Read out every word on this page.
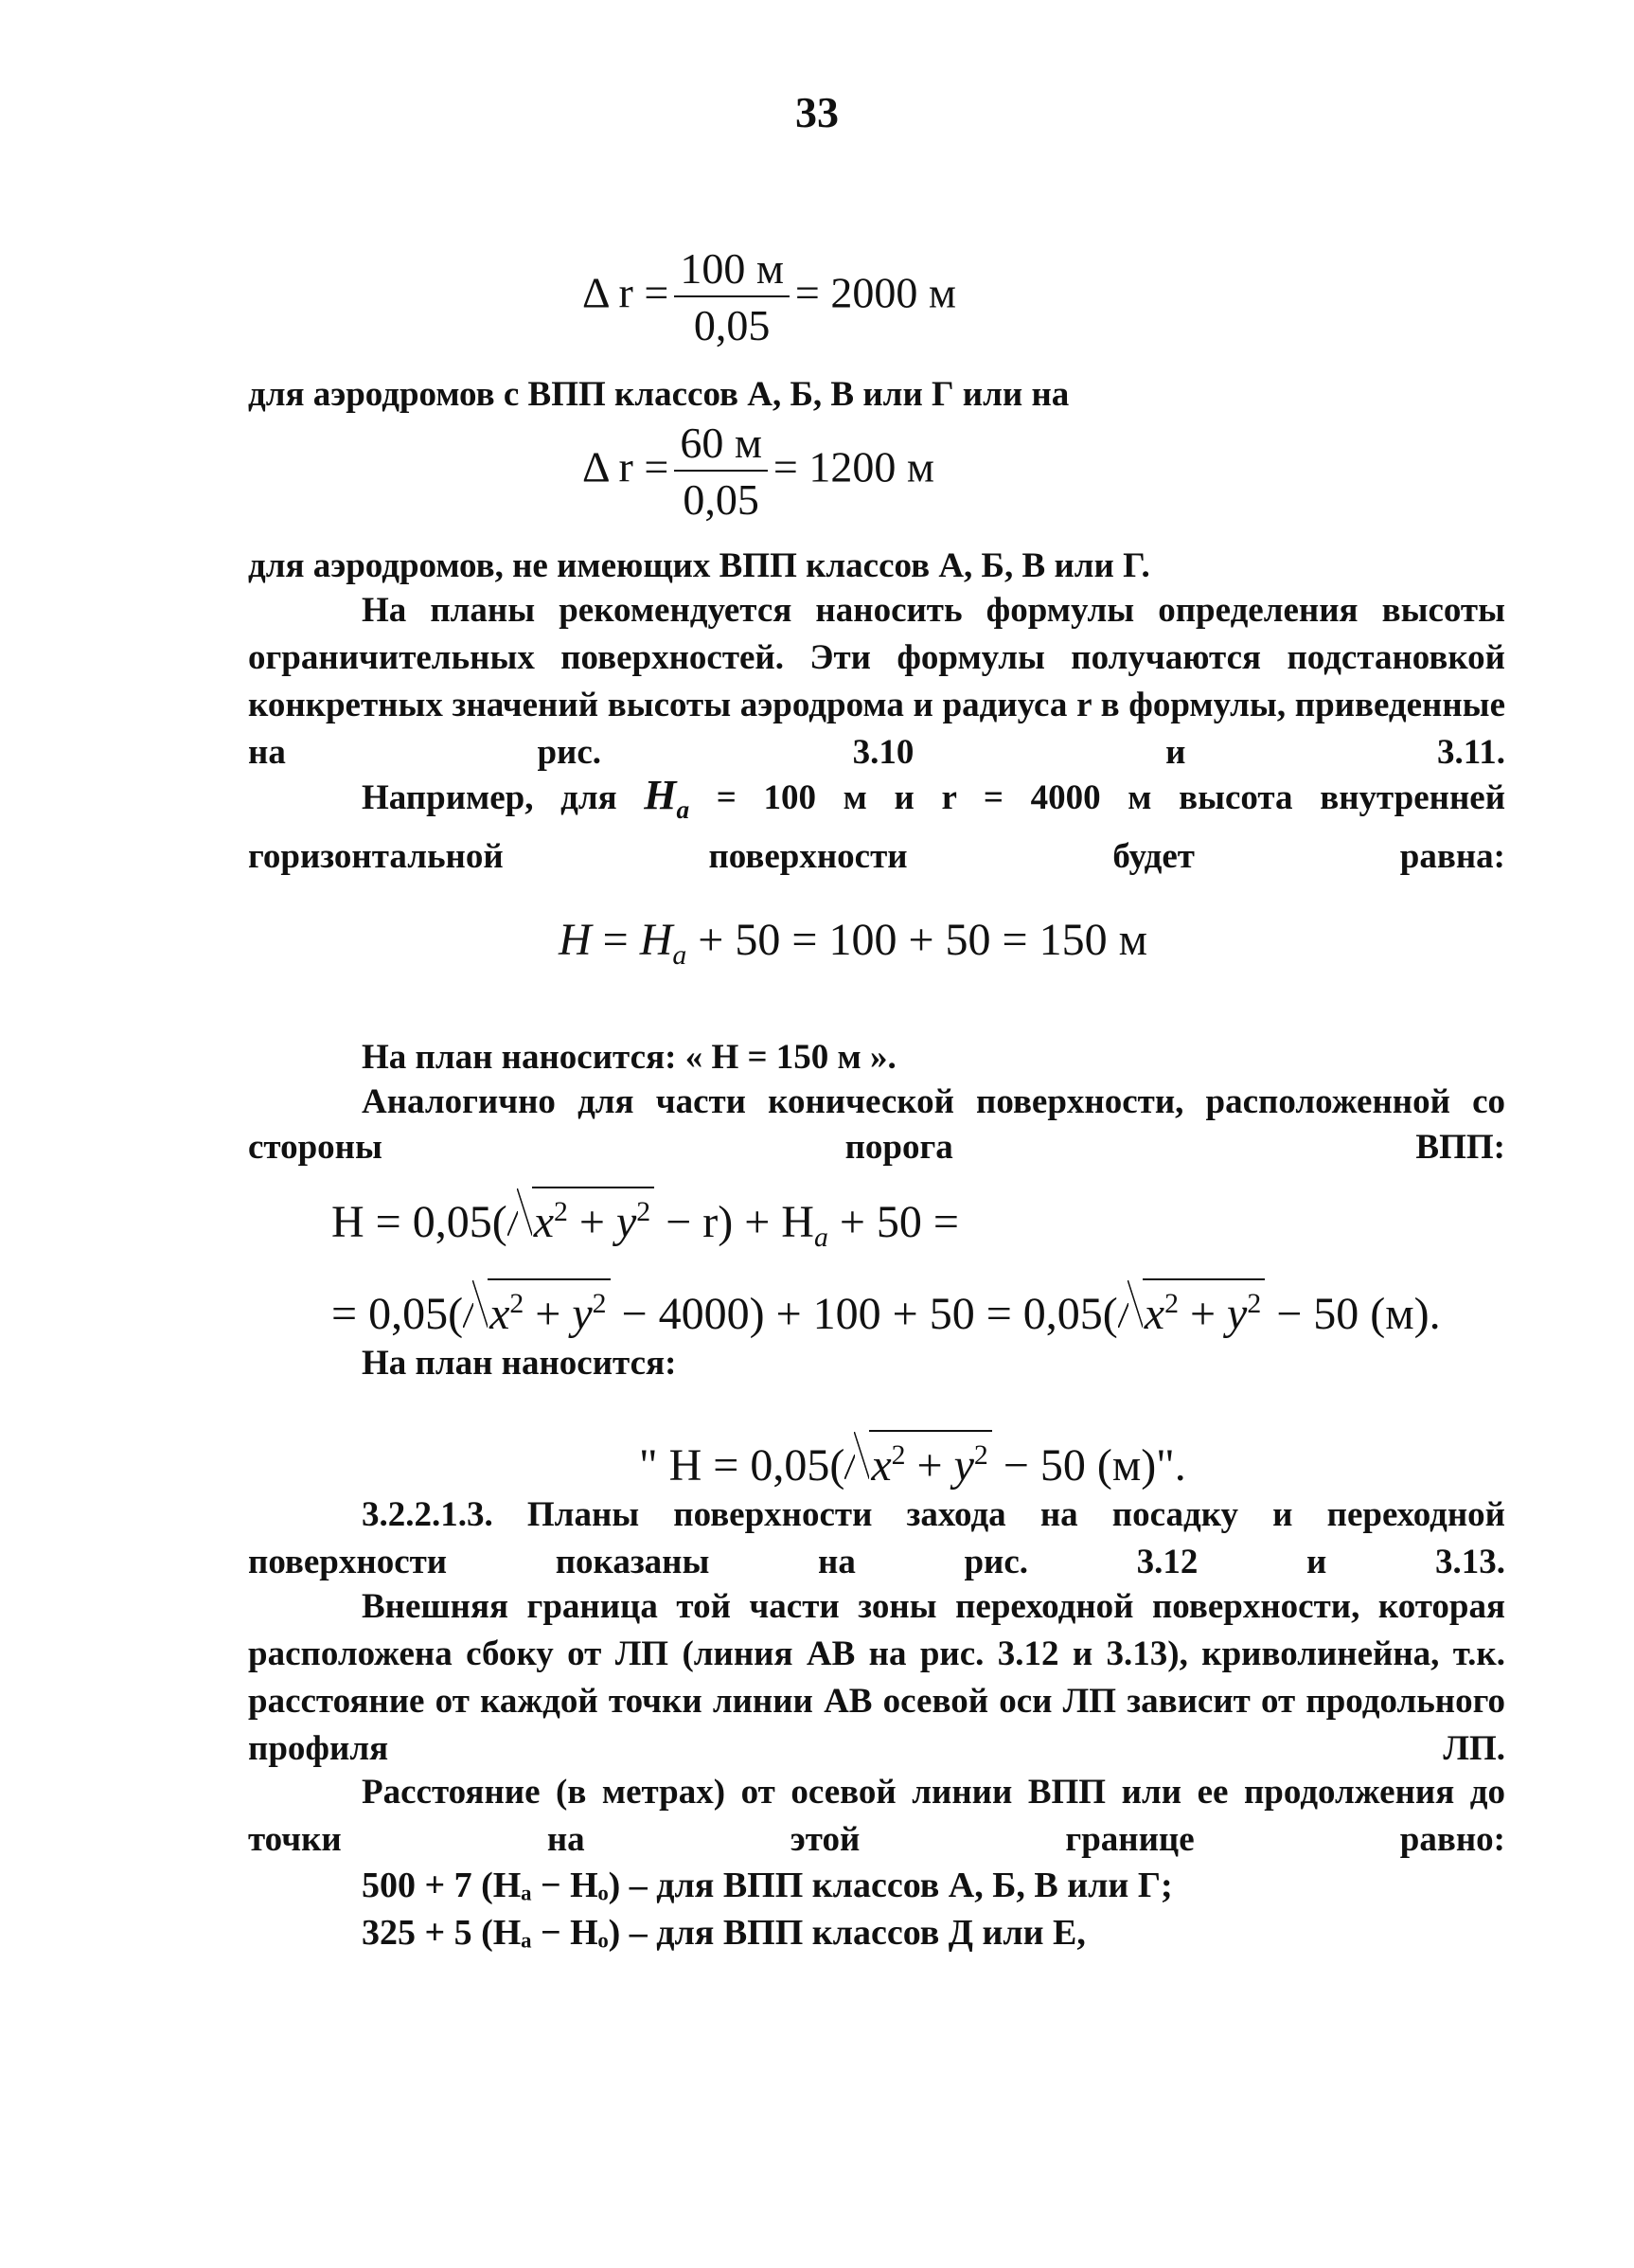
33
Δ $r = \frac{100 м}{0,05} = 2000$ м
для аэродромов с ВПП классов А, Б, В или Г или на
Δ $r = \frac{60 м}{0,05} = 1200$ м
для аэродромов, не имеющих ВПП классов А, Б, В или Г.
На планы рекомендуется наносить формулы определения высоты ограничительных поверхностей. Эти формулы получаются подстановкой конкретных значений высоты аэродрома и радиуса r в формулы, приведенные на рис. 3.10 и 3.11.
Например, для $H_a = 100$ м и r = 4000 м высота внутренней горизонтальной поверхности будет равна:
$H = H_a + 50 = 100 + 50 = 150$ м
На план наносится: « H = 150 м ».
Аналогично для части конической поверхности, расположенной со стороны порога ВПП:
H = 0,05( $x^2 + y^2 - r) + H_a + 50$ =
= 0,05( $x^2 + y^2 - 4000) + 100 + 50 = 0,05$( $x^2 + y^2 - 50$ (м).
На план наносится:
" H = 0,05( $x^2 + y^2 - 50$ (м)".
3.2.2.1.3. Планы поверхности захода на посадку и переходной поверхности показаны на рис. 3.12 и 3.13.
Внешняя граница той части зоны переходной поверхности, которая расположена сбоку от ЛП (линия АВ на рис. 3.12 и 3.13), криволинейна, т.к. расстояние от каждой точки линии АВ осевой оси ЛП зависит от продольного профиля ЛП.
Расстояние (в метрах) от осевой линии ВПП или ее продолжения до точки на этой границе равно:
500 + 7 (Hₐ − Hₒ) – для ВПП классов А, Б, В или Г;
325 + 5 (Hₐ − Hₒ) – для ВПП классов Д или Е,
